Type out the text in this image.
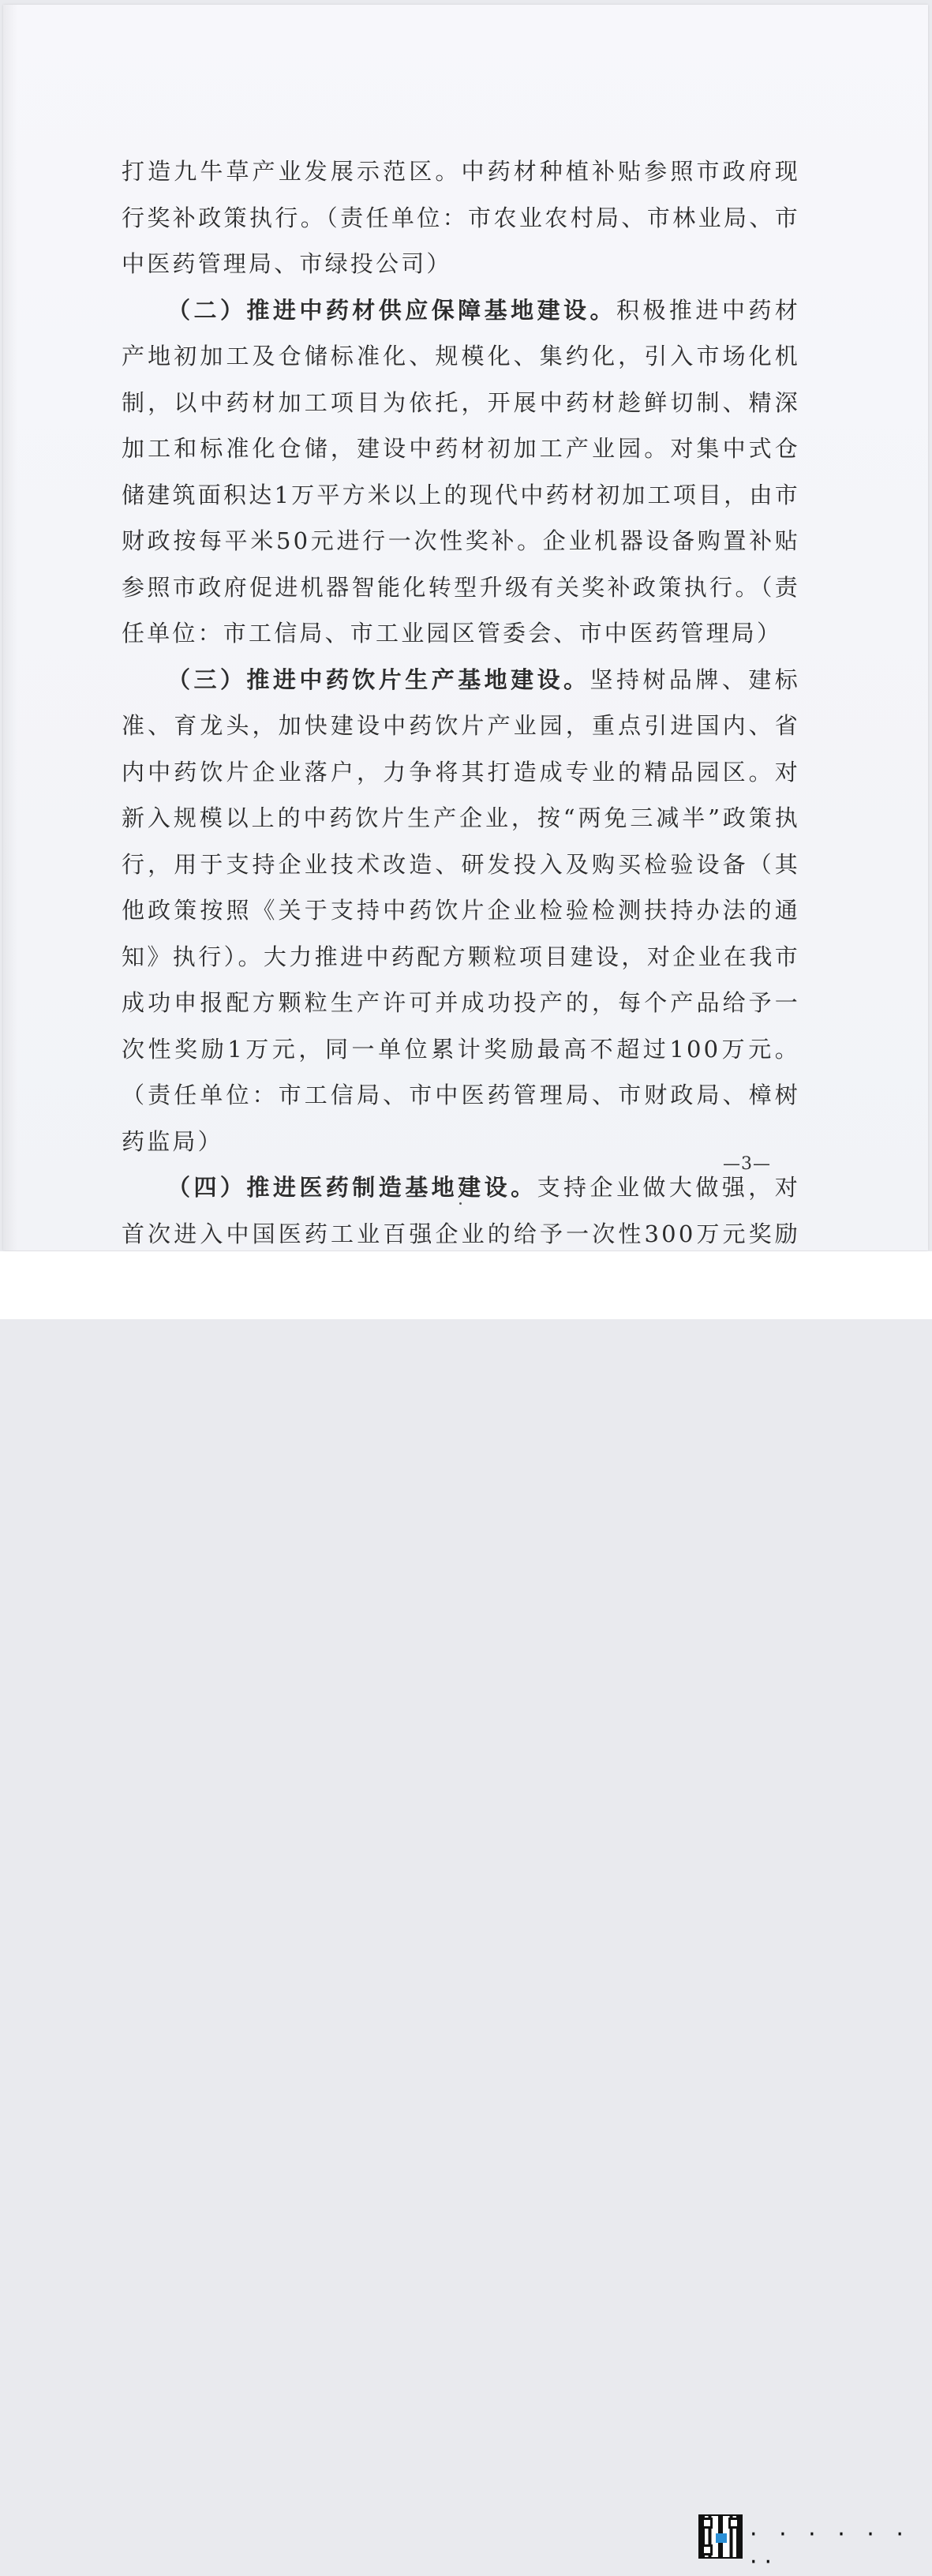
打造九牛草产业发展示范区。中药材种植补贴参照市政府现行奖补政策执行。（责任单位：市农业农村局、市林业局、市中医药管理局、市绿投公司）

（二）推进中药材供应保障基地建设。积极推进中药材产地初加工及仓储标准化、规模化、集约化，引入市场化机制，以中药材加工项目为依托，开展中药材趁鲜切制、精深加工和标准化仓储，建设中药材初加工产业园。对集中式仓储建筑面积达1万平方米以上的现代中药材初加工项目，由市财政按每平米50元进行一次性奖补。企业机器设备购置补贴参照市政府促进机器智能化转型升级有关奖补政策执行。（责任单位：市工信局、市工业园区管委会、市中医药管理局）

（三）推进中药饮片生产基地建设。坚持树品牌、建标准、育龙头，加快建设中药饮片产业园，重点引进国内、省内中药饮片企业落户，力争将其打造成专业的精品园区。对新入规模以上的中药饮片生产企业，按“两免三减半”政策执行，用于支持企业技术改造、研发投入及购买检验设备（其他政策按照《关于支持中药饮片企业检验检测扶持办法的通知》执行）。大力推进中药配方颗粒项目建设，对企业在我市成功申报配方颗粒生产许可并成功投产的，每个产品给予一次性奖励1万元，同一单位累计奖励最高不超过100万元。（责任单位：市工信局、市中医药管理局、市财政局、樟树药监局）

（四）推进医药制造基地建设。支持企业做大做强，对首次进入中国医药工业百强企业的给予一次性300万元奖励

—3—
· · · · · · ··
